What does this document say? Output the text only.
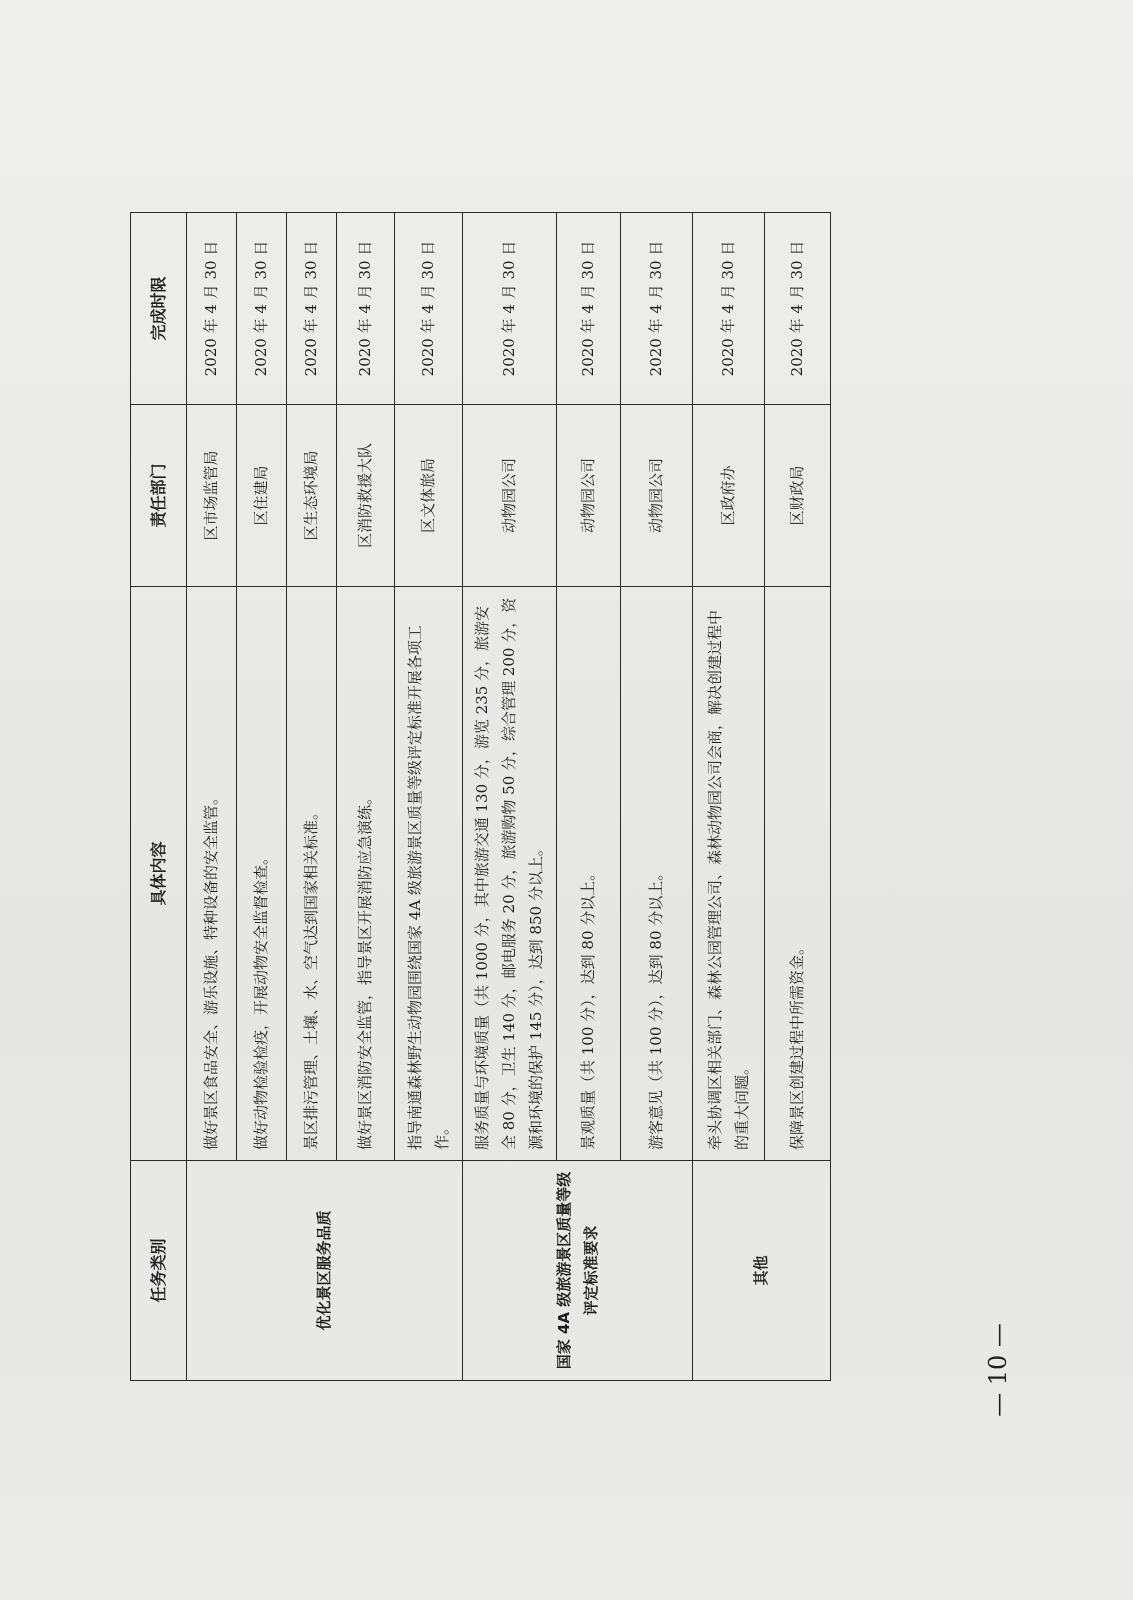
任务类别	具体内容	责任部门	完成时限
优化景区服务品质	做好景区食品安全、游乐设施、特种设备的安全监管。	区市场监管局	2020 年 4 月 30 日
	做好动物检验检疫，开展动物安全监督检查。	区住建局	2020 年 4 月 30 日
	景区排污管理、土壤、水、空气达到国家相关标准。	区生态环境局	2020 年 4 月 30 日
	做好景区消防安全监管，指导景区开展消防应急演练。	区消防救援大队	2020 年 4 月 30 日
	指导南通森林野生动物园围绕国家 4A 级旅游景区质量等级评定标准开展各项工作。	区文体旅局	2020 年 4 月 30 日
国家 4A 级旅游景区质量等级评定标准要求	服务质量与环境质量（共 1000 分，其中旅游交通 130 分，游览 235 分，旅游安全 80 分，卫生 140 分，邮电服务 20 分，旅游购物 50 分，综合管理 200 分，资源和环境的保护 145 分），达到 850 分以上。	动物园公司	2020 年 4 月 30 日
	景观质量（共 100 分），达到 80 分以上。	动物园公司	2020 年 4 月 30 日
	游客意见（共 100 分），达到 80 分以上。	动物园公司	2020 年 4 月 30 日
其他	牵头协调区相关部门、森林公园管理公司、森林动物园公司会商，解决创建过程中的重大问题。	区政府办	2020 年 4 月 30 日
	保障景区创建过程中所需资金。	区财政局	2020 年 4 月 30 日
— 10 —
